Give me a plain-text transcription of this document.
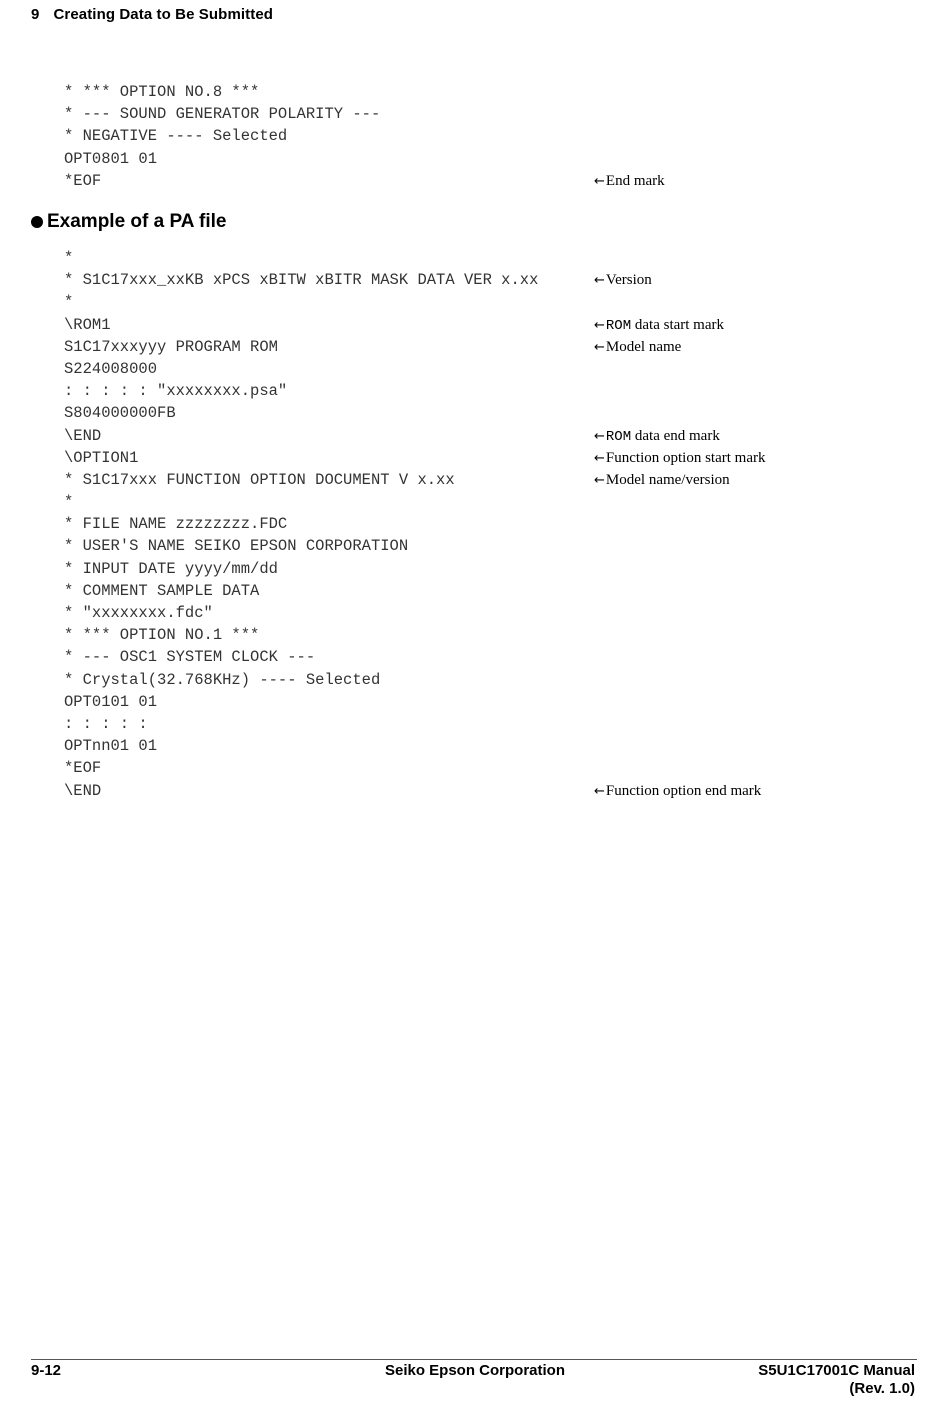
9 Creating Data to Be Submitted
* *** OPTION NO.8 ***
* --- SOUND GENERATOR POLARITY ---
* NEGATIVE ---- Selected
OPT0801 01
*EOF	←End mark
Example of a PA file
*
* S1C17xxx_xxKB xPCS xBITW xBITR MASK DATA VER x.xx	←Version
*
\ROM1	←ROM data start mark
S1C17xxxyyy PROGRAM ROM	←Model name
S224008000
: : : : : "xxxxxxxx.psa"
S804000000FB
\END	←ROM data end mark
\OPTION1	←Function option start mark
* S1C17xxx FUNCTION OPTION DOCUMENT V x.xx	←Model name/version
*
* FILE NAME zzzzzzzz.FDC
* USER'S NAME SEIKO EPSON CORPORATION
* INPUT DATE yyyy/mm/dd
* COMMENT SAMPLE DATA
* "xxxxxxxx.fdc"
* *** OPTION NO.1 ***
* --- OSC1 SYSTEM CLOCK ---
* Crystal(32.768KHz) ---- Selected
OPT0101 01
: : : : :
OPTnn01 01
*EOF
\END	←Function option end mark
9-12	Seiko Epson Corporation	S5U1C17001C Manual
(Rev. 1.0)
